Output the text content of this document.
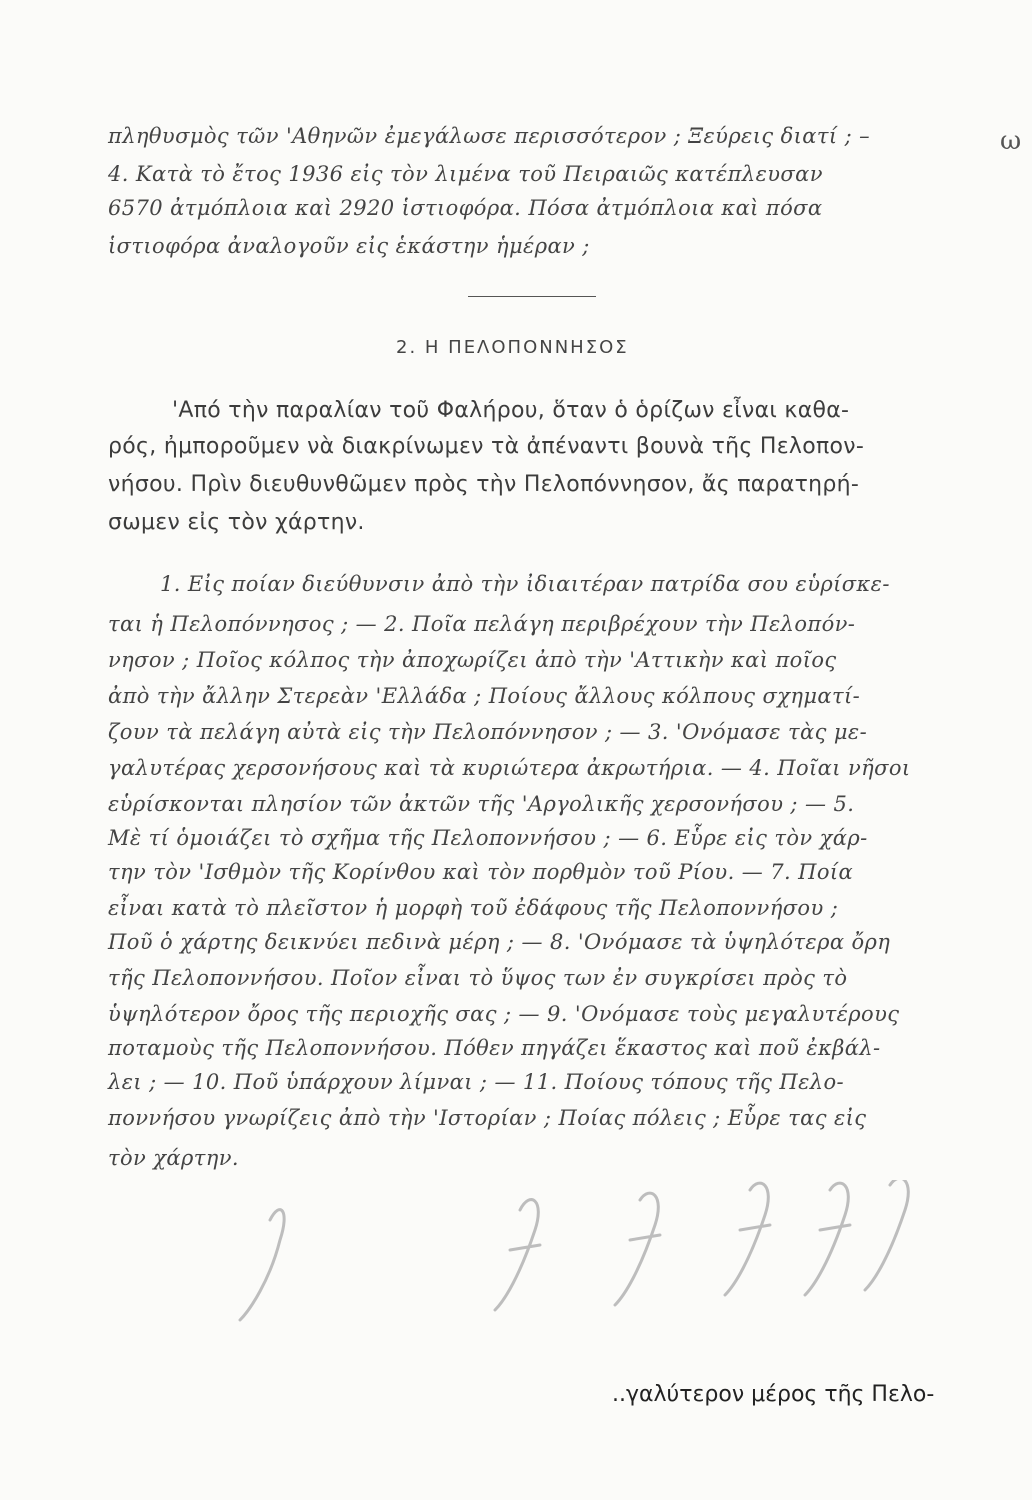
πληθυσμὸς τῶν 'Αθηνῶν ἐμεγάλωσε περισσότερον ; Ξεύρεις διατί ; –
4. Κατὰ τὸ ἔτος 1936 εἰς τὸν λιμένα τοῦ Πειραιῶς κατέπλευσαν
6570 ἀτμόπλοια καὶ 2920 ἱστιοφόρα. Πόσα ἀτμόπλοια καὶ πόσα
ἱστιοφόρα ἀναλογοῦν εἰς ἑκάστην ἡμέραν ;
ω
2. Η ΠΕΛΟΠΟΝΝΗΣΟΣ
'Από τὴν παραλίαν τοῦ Φαλήρου, ὅταν ὁ ὁρίζων εἶναι καθα-
ρός, ἠμποροῦμεν νὰ διακρίνωμεν τὰ ἀπέναντι βουνὰ τῆς Πελοπον-
νήσου. Πρὶν διευθυνθῶμεν πρὸς τὴν Πελοπόννησον, ἄς παρατηρή-
σωμεν εἰς τὸν χάρτην.
1. Εἰς ποίαν διεύθυνσιν ἀπὸ τὴν ἰδιαιτέραν πατρίδα σου εὑρίσκε-
ται ἡ Πελοπόννησος ; — 2. Ποῖα πελάγη περιβρέχουν τὴν Πελοπόν-
νησον ; Ποῖος κόλπος τὴν ἀποχωρίζει ἀπὸ τὴν 'Αττικὴν καὶ ποῖος
ἀπὸ τὴν ἄλλην Στερεὰν 'Ελλάδα ; Ποίους ἄλλους κόλπους σχηματί-
ζουν τὰ πελάγη αὐτὰ εἰς τὴν Πελοπόννησον ; — 3. 'Ονόμασε τὰς με-
γαλυτέρας χερσονήσους καὶ τὰ κυριώτερα ἀκρωτήρια. — 4. Ποῖαι νῆσοι
εὑρίσκονται πλησίον τῶν ἀκτῶν τῆς 'Αργολικῆς χερσονήσου ; — 5.
Μὲ τί ὁμοιάζει τὸ σχῆμα τῆς Πελοποννήσου ; — 6. Εὗρε εἰς τὸν χάρ-
την τὸν 'Ισθμὸν τῆς Κορίνθου καὶ τὸν πορθμὸν τοῦ Ρίου. — 7. Ποία
εἶναι κατὰ τὸ πλεῖστον ἡ μορφὴ τοῦ ἐδάφους τῆς Πελοποννήσου ;
Ποῦ ὁ χάρτης δεικνύει πεδινὰ μέρη ; — 8. 'Ονόμασε τὰ ὑψηλότερα ὄρη
τῆς Πελοποννήσου. Ποῖον εἶναι τὸ ὕψος των ἐν συγκρίσει πρὸς τὸ
ὑψηλότερον ὄρος τῆς περιοχῆς σας ; — 9. 'Ονόμασε τοὺς μεγαλυτέρους
ποταμοὺς τῆς Πελοποννήσου. Πόθεν πηγάζει ἕκαστος καὶ ποῦ ἐκβάλ-
λει ; — 10. Ποῦ ὑπάρχουν λίμναι ; — 11. Ποίους τόπους τῆς Πελο-
ποννήσου γνωρίζεις ἀπὸ τὴν 'Ιστορίαν ; Ποίας πόλεις ; Εὗρε τας εἰς
τὸν χάρτην.
..γαλύτερον μέρος τῆς Πελο-
